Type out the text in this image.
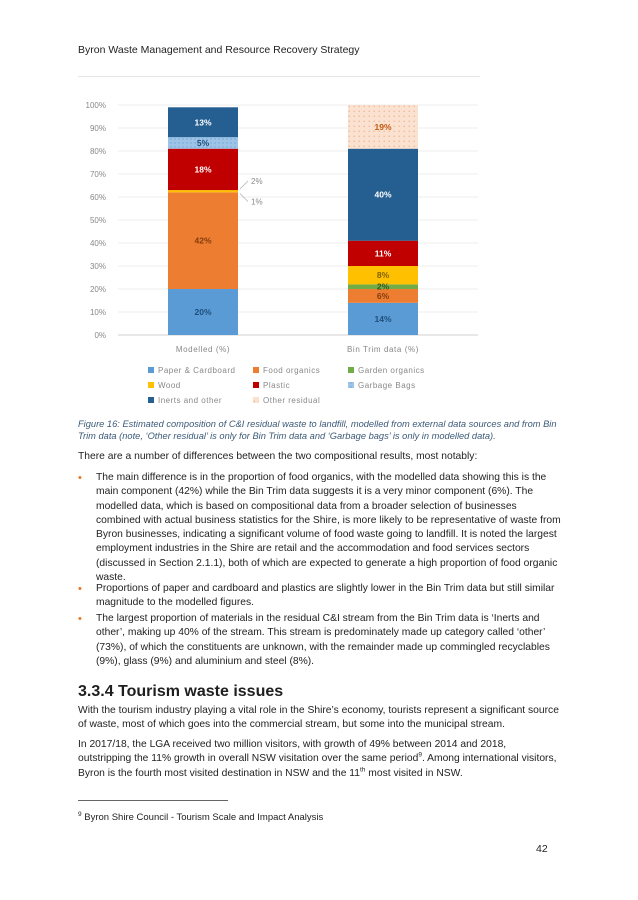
Byron Waste Management and Resource Recovery Strategy
0%
10%
20%
30%
40%
50%
60%
70%
80%
90%
100%
20%
42%
18%
5%
13%
14%
6%
2%
8%
11%
40%
19%
2%
1%
Modelled (%)	Bin Trim data (%)
Paper & Cardboard	Food organics	Garden organics
Wood	Plastic	Garbage Bags
Inerts and other	Other residual
Figure 16: Estimated composition of C&I residual waste to landfill, modelled from external data sources and from Bin Trim data (note, ‘Other residual’ is only for Bin Trim data and ‘Garbage bags’ is only in modelled data).
There are a number of differences between the two compositional results, most notably:
• The main difference is in the proportion of food organics, with the modelled data showing this is the main component (42%) while the Bin Trim data suggests it is a very minor component (6%). The modelled data, which is based on compositional data from a broader selection of businesses combined with actual business statistics for the Shire, is more likely to be representative of waste from Byron businesses, indicating a significant volume of food waste going to landfill. It is noted the largest employment industries in the Shire are retail and the accommodation and food services sectors (discussed in Section 2.1.1), both of which are expected to generate a high proportion of food organic waste.
• Proportions of paper and cardboard and plastics are slightly lower in the Bin Trim data but still similar magnitude to the modelled figures.
• The largest proportion of materials in the residual C&I stream from the Bin Trim data is ‘Inerts and other’, making up 40% of the stream. This stream is predominately made up category called ‘other’ (73%), of which the constituents are unknown, with the remainder made up commingled recyclables (9%), glass (9%) and aluminium and steel (8%).
3.3.4 Tourism waste issues
With the tourism industry playing a vital role in the Shire’s economy, tourists represent a significant source of waste, most of which goes into the commercial stream, but some into the municipal stream.
In 2017/18, the LGA received two million visitors, with growth of 49% between 2014 and 2018, outstripping the 11% growth in overall NSW visitation over the same period$^9$. Among international visitors, Byron is the fourth most visited destination in NSW and the 11th most visited in NSW.
$^9$ Byron Shire Council - Tourism Scale and Impact Analysis
42
